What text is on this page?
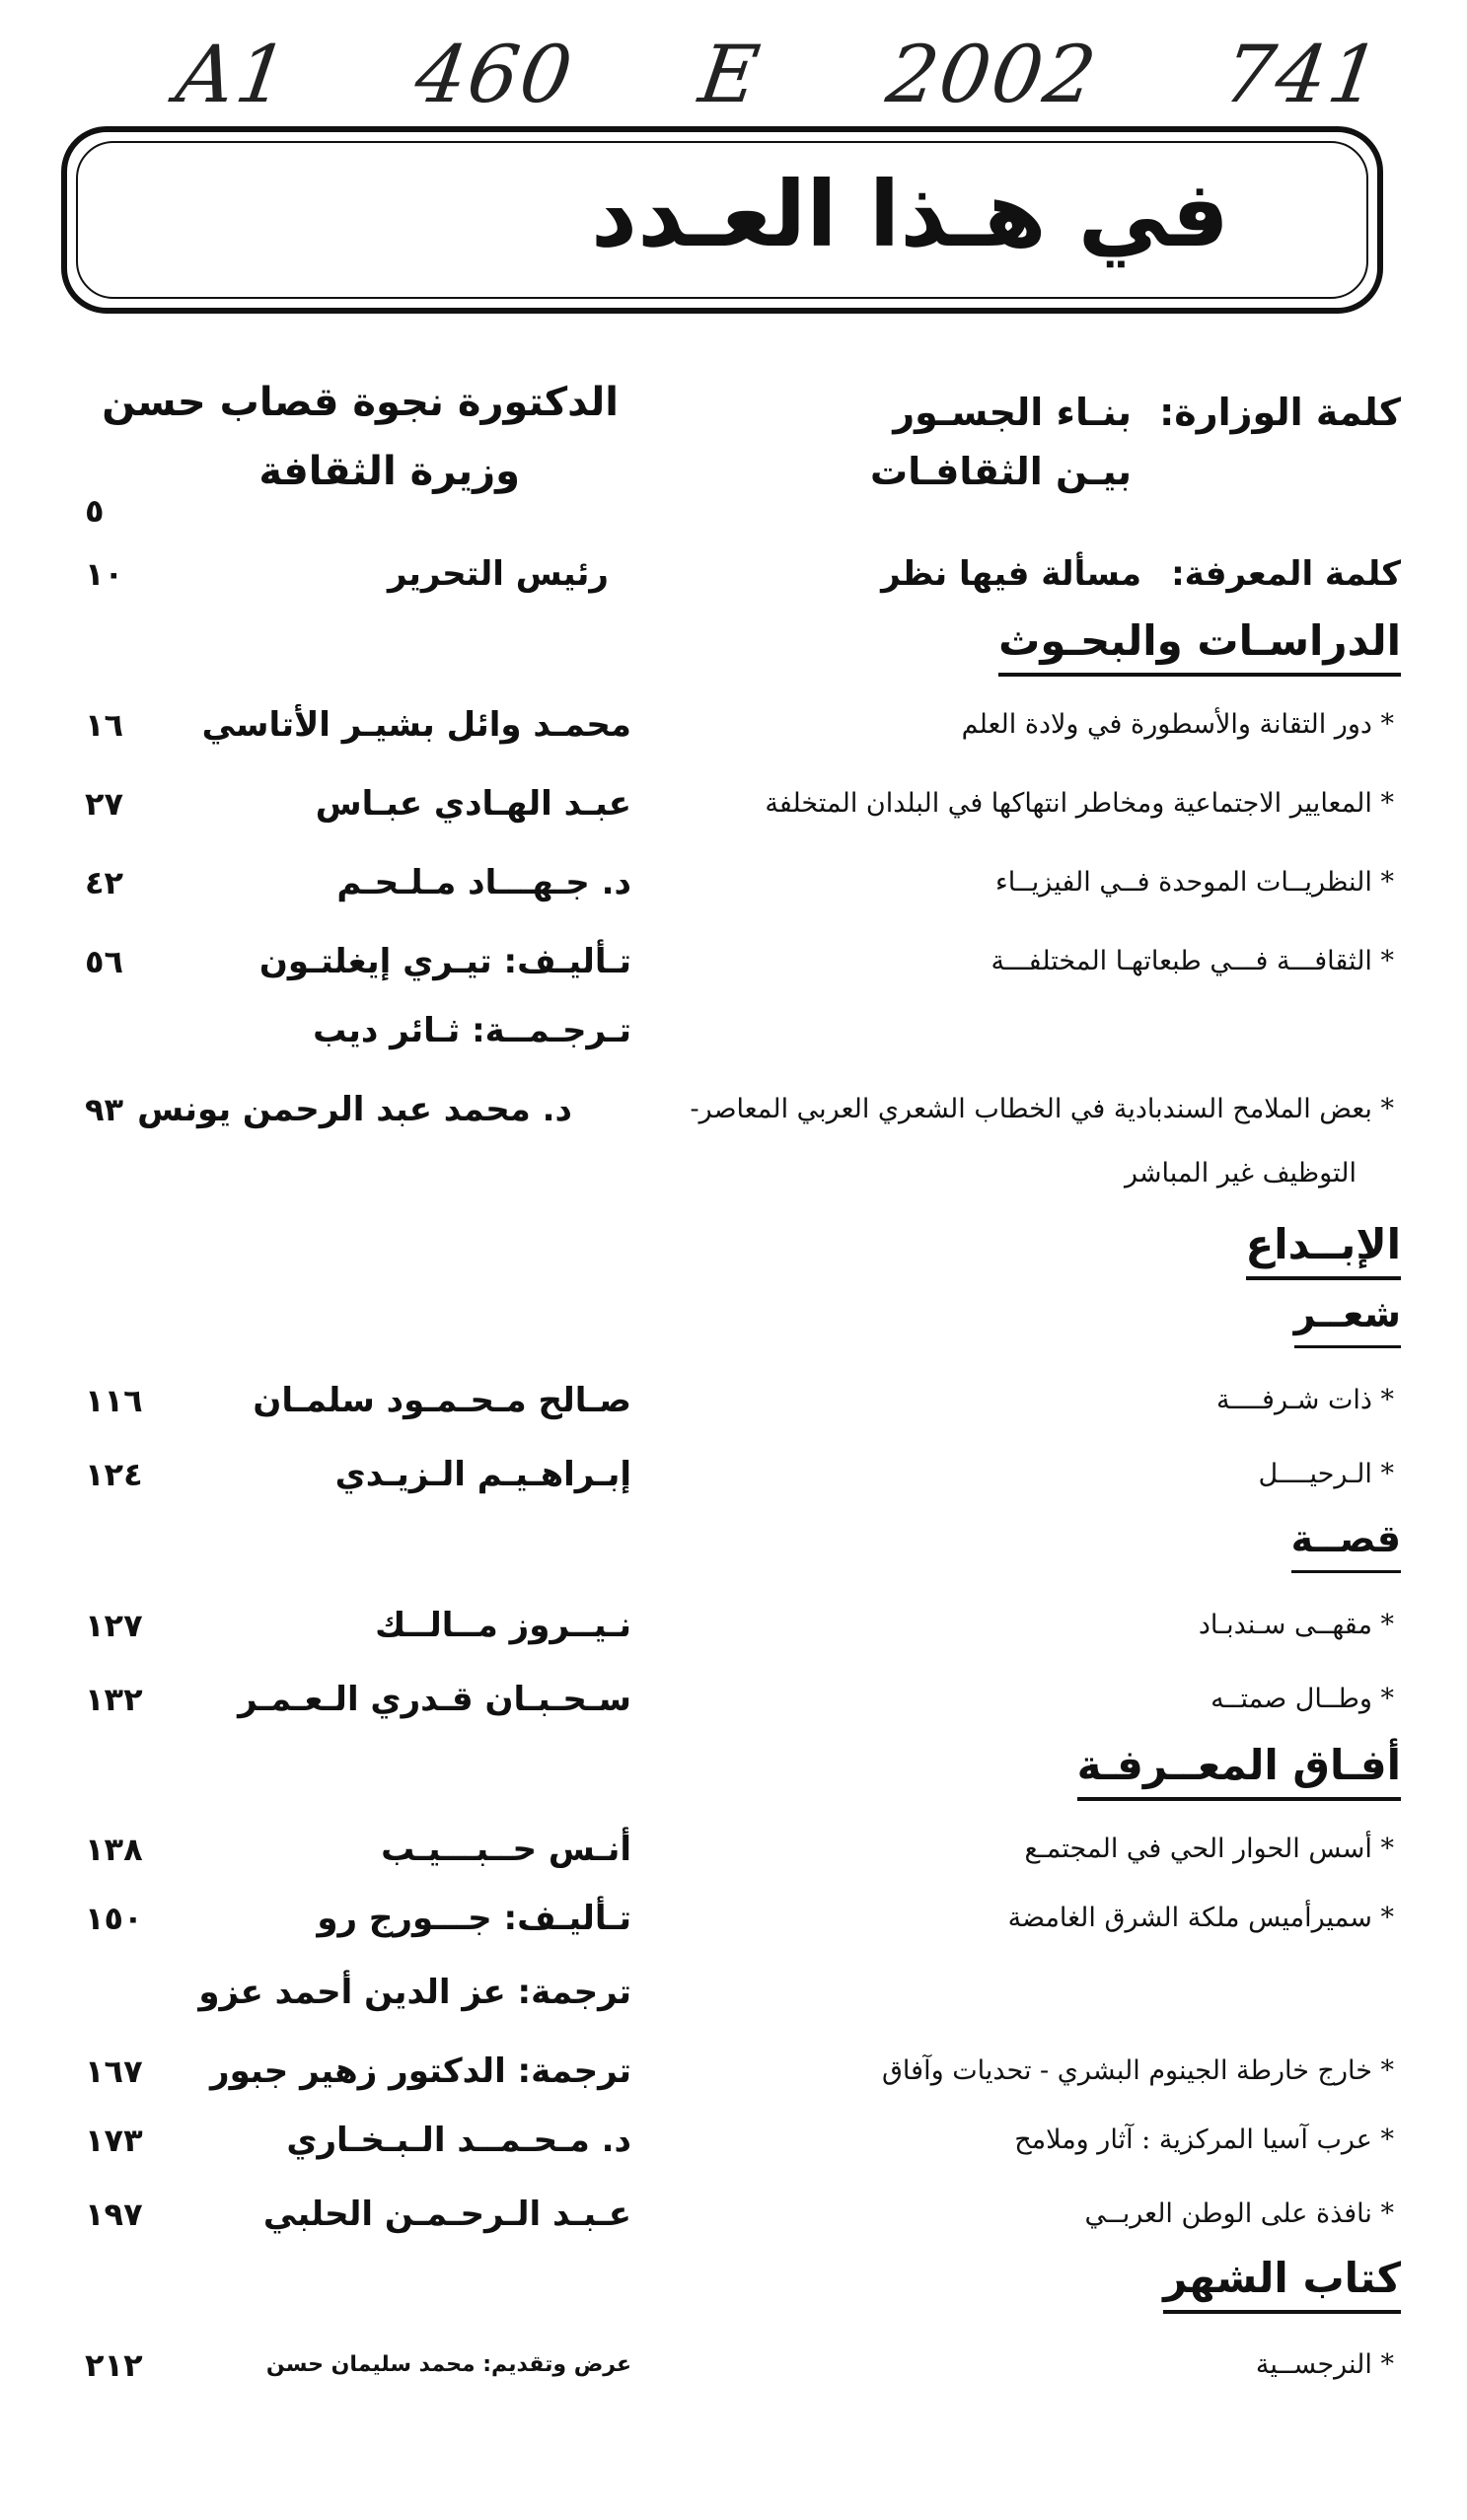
A1 460 E 2002 741
في هـذا العـدد
كلمة الوزارة:
بنـاء الجسـور
بيـن الثقافـات
الدكتورة نجوة قصاب حسن
وزيرة الثقافة
٥
كلمة المعرفة:
مسألة فيها نظر
رئيس التحرير
١٠
الدراسـات والبحـوث
* دور التقانة والأسطورة في ولادة العلم
محمـد وائل بشيـر الأتاسي
١٦
* المعايير الاجتماعية ومخاطر انتهاكها في البلدان المتخلفة
عبـد الهـادي عبـاس
٢٧
* النظريــات الموحدة فــي الفيزيــاء
د. جـهـــاد مـلـحـم
٤٢
* الثقافـــة فـــي طبعاتهـا المختلفـــة
تـأليـف: تيـري إيغلتـون
٥٦
تـرجـمــة: ثـائر ديب
* بعض الملامح السندبادية في الخطاب الشعري العربي المعاصر-
د. محمد عبد الرحمن يونس
٩٣
التوظيف غير المباشر
الإبــداع
شعــر
* ذات شـرفــــة
صـالح مـحـمـود سلمـان
١١٦
* الـرحيــــل
إبـراهـيـم الـزيـدي
١٢٤
قصــة
* مقهــى سـندبـاد
نـيــروز مــالــك
١٢٧
* وطــال صمتــه
سـحـبـان قـدري الـعـمـر
١٣٢
أفـاق المعــرفـة
* أسس الحوار الحي في المجتمـع
أنـس حــبـــيـب
١٣٨
* سميرأميس ملكة الشرق الغامضة
تـأليـف: جـــورج رو
١٥٠
ترجمة: عز الدين أحمد عزو
* خارج خارطة الجينوم البشري - تحديات وآفاق
ترجمة: الدكتور زهير جبور
١٦٧
* عرب آسيا المركزية : آثار وملامح
د. مـحـمــد الـبـخـاري
١٧٣
* نافذة على الوطن العربــي
عـبـد الـرحـمـن الحلبي
١٩٧
كتاب الشهر
* النرجســية
عرض وتقديم: محمد سليمان حسن
٢١٢
